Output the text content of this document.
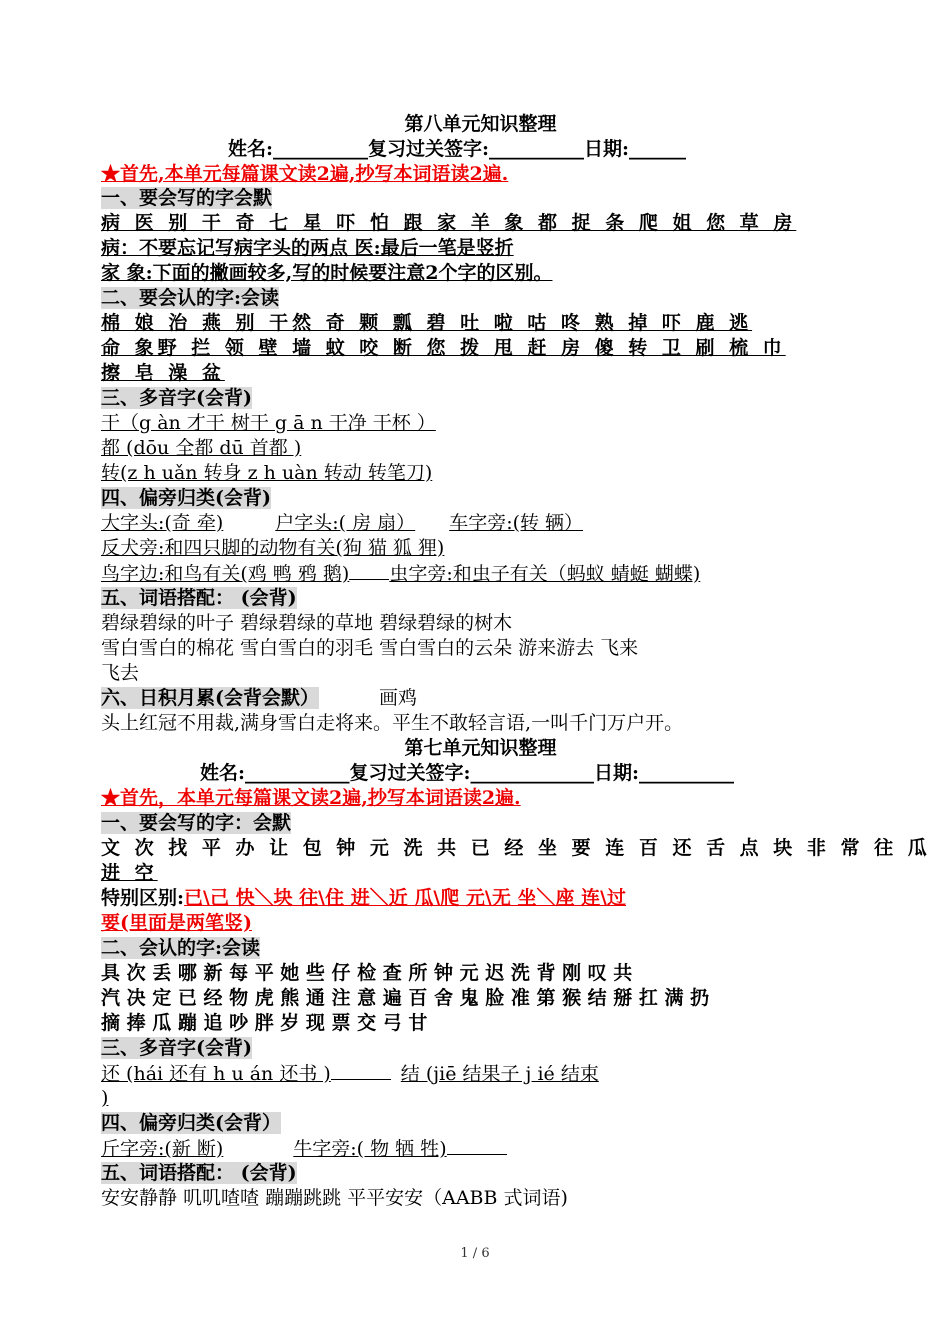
第八单元知识整理
姓名:__________复习过关签字:__________日期:______
★首先,本单元每篇课文读2遍,抄写本词语读2遍.
一、要会写的字会默
病 医 别 干 奇 七 星 吓 怕 跟 家 羊 象 都 捉 条 爬 姐 您 草 房
病：不要忘记写病字头的两点 医:最后一笔是竖折
家 象:下面的撇画较多,写的时候要注意2个字的区别。
二、要会认的字:会读
棉 娘 治 燕 别 干然 奇 颗 瓢 碧 吐 啦 咕 咚 熟 掉 吓 鹿 逃
命 象野 拦 领 壁 墙 蚊 咬 断 您 拨 甩 赶 房 傻 转 卫 刷 梳 巾
擦 皂 澡 盆
三、多音字(会背)
干（g àn 才干 树干 g ā n 干净 干杯 ）
都 (dōu 全都 dū 首都 )
转(z h uǎn 转身 z h uàn 转动 转笔刀)
四、偏旁归类(会背)
大字头:(奇 牵)	户字头:( 房 扇） 车字旁:(转 辆）
反犬旁:和四只脚的动物有关(狗 猫 狐 狸)
鸟字边:和鸟有关(鸡 鸭 鸦 鹅) 虫字旁:和虫子有关（蚂蚁 蜻蜓 蝴蝶)
五、词语搭配： (会背)
碧绿碧绿的叶子 碧绿碧绿的草地 碧绿碧绿的树木
雪白雪白的棉花 雪白雪白的羽毛 雪白雪白的云朵 游来游去 飞来
飞去
六、日积月累(会背会默）	画鸡
头上红冠不用裁,满身雪白走将来。平生不敢轻言语,一叫千门万户开。
第七单元知识整理
姓名:___________复习过关签字:_____________日期:__________
★首先，本单元每篇课文读2遍,抄写本词语读2遍.
一、要会写的字：会默
文 次 找 平 办 让 包 钟 元 洗 共 已 经 坐 要 连 百 还 舌 点 块 非 常 往 瓜
进 空
特别区别:已\己 快＼块 往\住 进＼近 瓜\爬 元\无 坐＼座 连\过
要(里面是两笔竖)
二、会认的字:会读
具 次 丢 哪 新 每 平 她 些 仔 检 查 所 钟 元 迟 洗 背 刚 叹 共
汽 决 定 已 经 物 虎 熊 通 注 意 遍 百 舍 鬼 脸 准 第 猴 结 掰 扛 满 扔
摘 捧 瓜 蹦 追 吵 胖 岁 现 票 交 弓 甘
三、多音字(会背)
还 (hái 还有 h u án 还书 )	结 (jiē 结果子 j ié 结束
)
四、偏旁归类(会背）
斤字旁:(新 断)	牛字旁:( 物 牺 牲)
五、词语搭配： (会背)
安安静静 叽叽喳喳 蹦蹦跳跳 平平安安（AABB 式词语)
1 / 6
